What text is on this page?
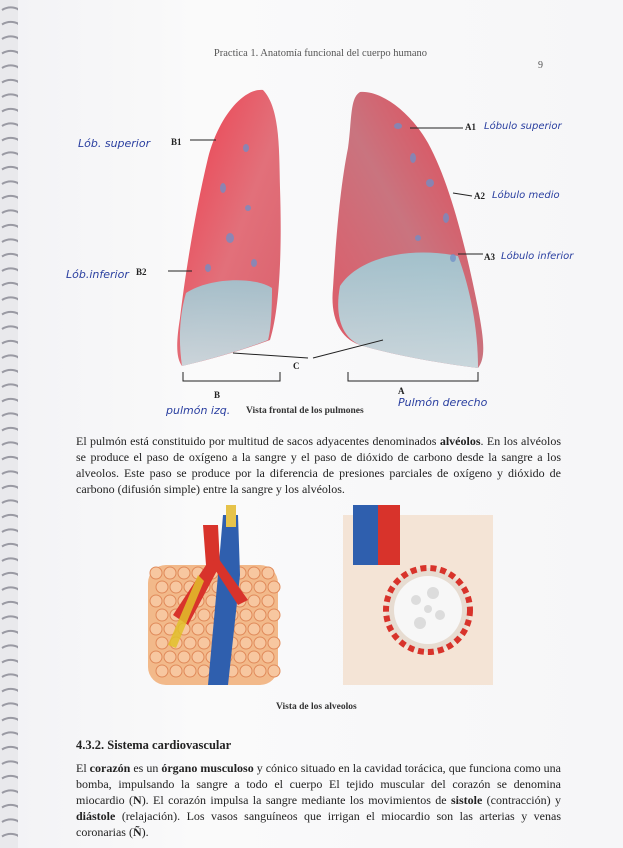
Practica 1. Anatomía funcional del cuerpo humano
9
Lób. superior B1
Lób.inferior B2
A1 Lóbulo superior
A2 Lóbulo medio
A3 Lóbulo inferior
C
B	A
pulmón izq. Vista frontal de los pulmones
Pulmón derecho
El pulmón está constituido por multitud de sacos adyacentes denominados alvéolos. En los alvéolos se produce el paso de oxígeno a la sangre y el paso de dióxido de carbono desde la sangre a los alveolos. Este paso se produce por la diferencia de presiones parciales de oxígeno y dióxido de carbono (difusión simple) entre la sangre y los alvéolos.
Vista de los alveolos
4.3.2. Sistema cardiovascular
El corazón es un órgano musculoso y cónico situado en la cavidad torácica, que funciona como una bomba, impulsando la sangre a todo el cuerpo El tejido muscular del corazón se denomina miocardio (N). El corazón impulsa la sangre mediante los movimientos de sistole (contracción) y diástole (relajación). Los vasos sanguíneos que irrigan el miocardio son las arterias y venas coronarias (Ñ).
